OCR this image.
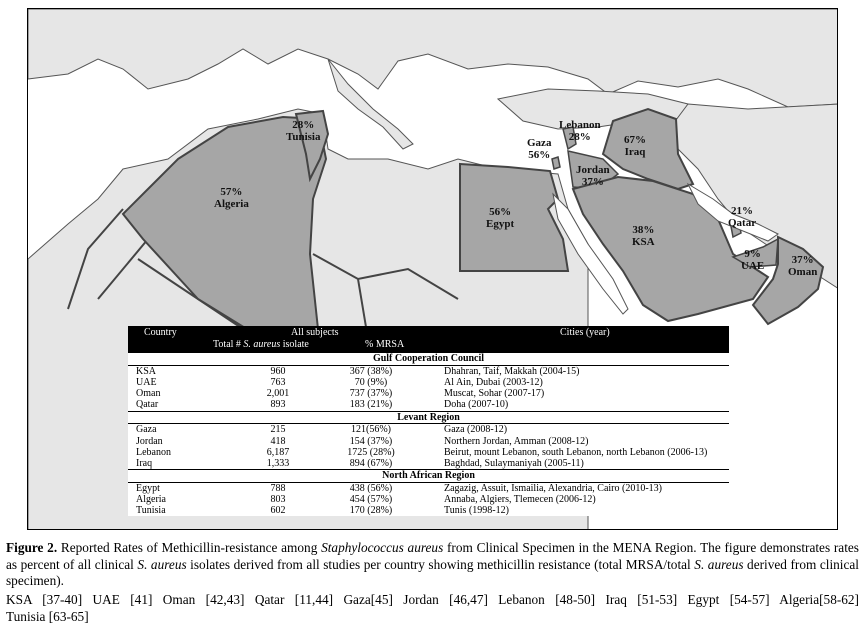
28%
Tunisia
57%
Algeria
56%
Egypt
Gaza
56%
Lebanon
28%
Jordan
37%
67%
Iraq
38%
KSA
21%
Qatar
9%
UAE	37%
Oman
Country	All subjects	Cities (year)
Total # S. aureus isolate	% MRSA
Gulf Cooperation Council
KSA	960	367 (38%)	Dhahran, Taif, Makkah (2004-15)
UAE	763	70 (9%)	Al Ain, Dubai (2003-12)
Oman	2,001	737 (37%)	Muscat, Sohar (2007-17)
Qatar	893	183 (21%)	Doha (2007-10)
Levant Region
Gaza	215	121(56%)	Gaza (2008-12)
Jordan	418	154 (37%)	Northern Jordan, Amman (2008-12)
Lebanon	6,187	1725 (28%)	Beirut, mount Lebanon, south Lebanon, north Lebanon (2006-13)
Iraq	1,333	894 (67%)	Baghdad, Sulaymaniyah (2005-11)
North African Region
Egypt	788	438 (56%)	Zagazig, Assuit, Ismailia, Alexandria, Cairo (2010-13)
Algeria	803	454 (57%)	Annaba, Algiers, Tlemecen (2006-12)
Tunisia	602	170 (28%)	Tunis (1998-12)

Figure 2. Reported Rates of Methicillin-resistance among Staphylococcus aureus from Clinical Specimen in the MENA Region. The figure demonstrates rates as percent of all clinical S. aureus isolates derived from all studies per country showing methicillin resistance (total MRSA/total S. aureus derived from clinical specimen).

KSA [37-40] UAE [41] Oman [42,43] Qatar [11,44] Gaza[45] Jordan [46,47] Lebanon [48-50] Iraq [51-53] Egypt [54-57] Algeria[58-62]
Tunisia [63-65]
